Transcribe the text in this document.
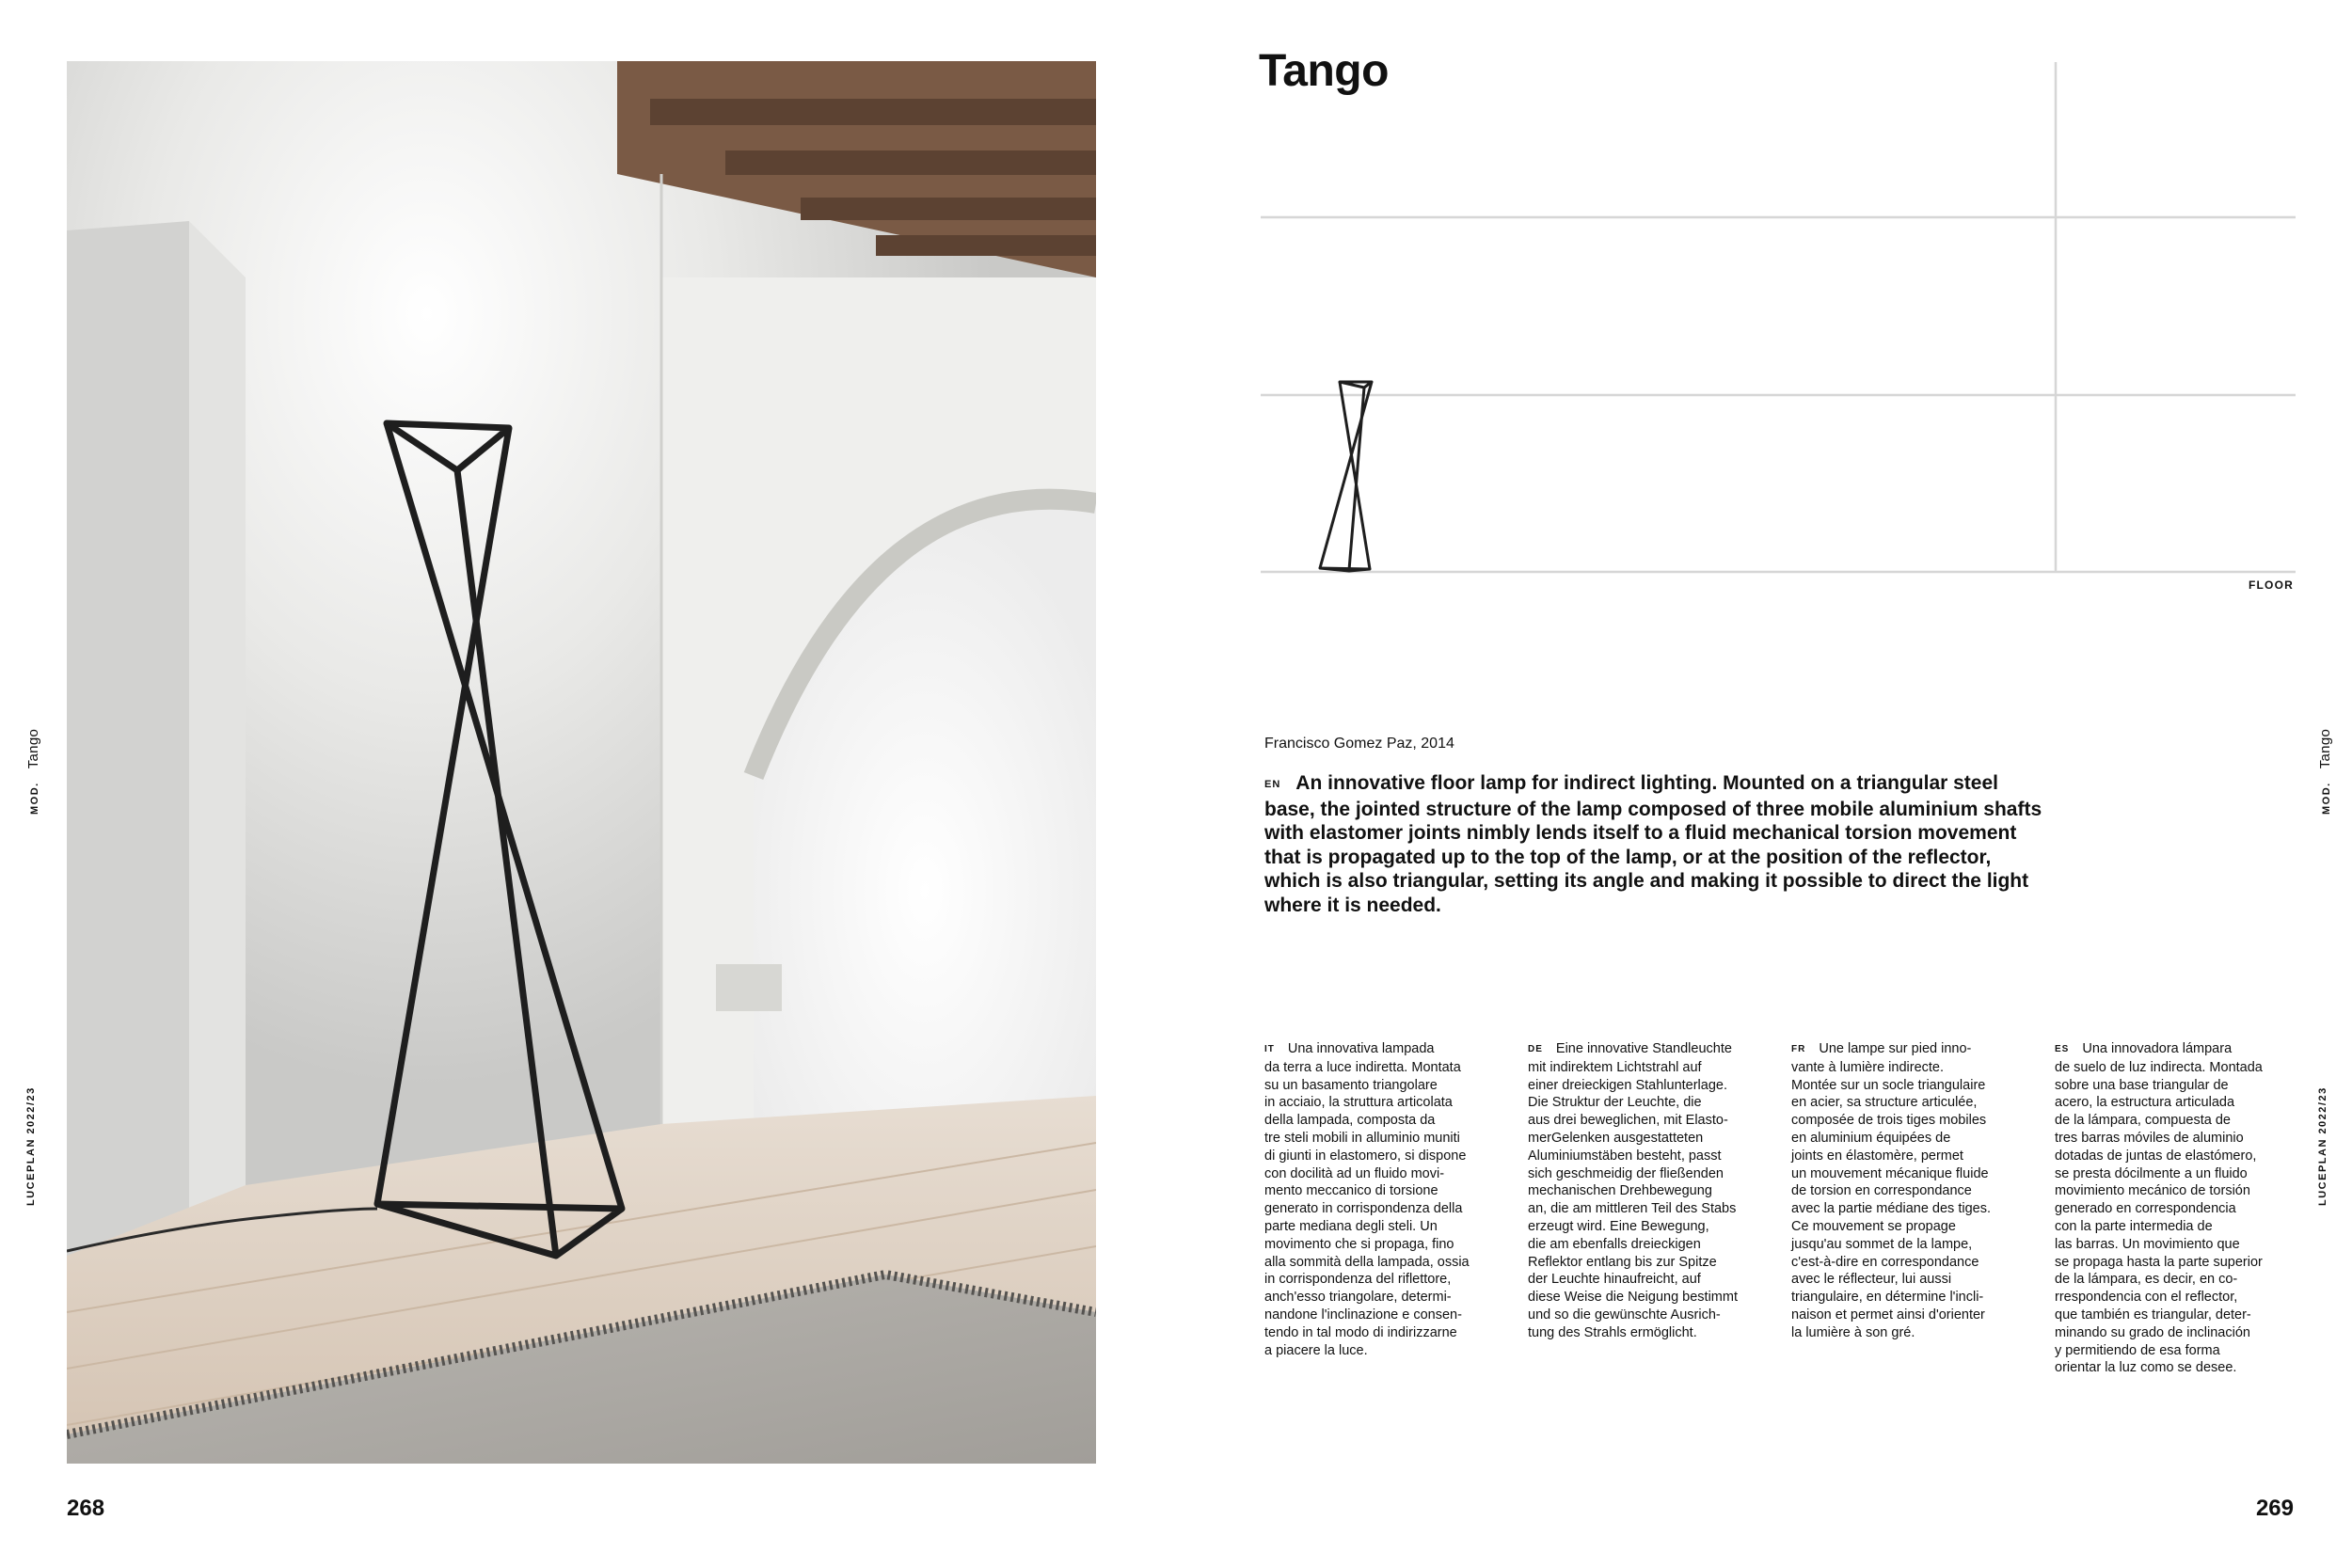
268
MOD.Tango
LUCEPLAN 2022/23
Tango
FLOOR
Francisco Gomez Paz, 2014

EN An innovative floor lamp for indirect lighting. Mounted on a triangular steel base, the jointed structure of the lamp composed of three mobile aluminium shafts with elastomer joints nimbly lends itself to a fluid mechanical torsion movement that is propagated up to the top of the lamp, or at the position of the reflector, which is also triangular, setting its angle and making it possible to direct the light where it is needed.

IT Una innovativa lampada
da terra a luce indiretta. Montata
su un basamento triangolare
in acciaio, la struttura articolata
della lampada, composta da
tre steli mobili in alluminio muniti
di giunti in elastomero, si dispone
con docilità ad un fluido movi-
mento meccanico di torsione
generato in corrispondenza della
parte mediana degli steli. Un
movimento che si propaga, fino
alla sommità della lampada, ossia
in corrispondenza del riflettore,
anch'esso triangolare, determi-
nandone l'inclinazione e consen-
tendo in tal modo di indirizzarne
a piacere la luce.

DE Eine innovative Standleuchte
mit indirektem Lichtstrahl auf
einer dreieckigen Stahlunterlage.
Die Struktur der Leuchte, die
aus drei beweglichen, mit Elasto-
merGelenken ausgestatteten
Aluminiumstäben besteht, passt
sich geschmeidig der fließenden
mechanischen Drehbewegung
an, die am mittleren Teil des Stabs
erzeugt wird. Eine Bewegung,
die am ebenfalls dreieckigen
Reflektor entlang bis zur Spitze
der Leuchte hinaufreicht, auf
diese Weise die Neigung bestimmt
und so die gewünschte Ausrich-
tung des Strahls ermöglicht.

FR Une lampe sur pied inno-
vante à lumière indirecte.
Montée sur un socle triangulaire
en acier, sa structure articulée,
composée de trois tiges mobiles
en aluminium équipées de
joints en élastomère, permet
un mouvement mécanique fluide
de torsion en correspondance
avec la partie médiane des tiges.
Ce mouvement se propage
jusqu'au sommet de la lampe,
c'est-à-dire en correspondance
avec le réflecteur, lui aussi
triangulaire, en détermine l'incli-
naison et permet ainsi d'orienter
la lumière à son gré.

ES Una innovadora lámpara
de suelo de luz indirecta. Montada
sobre una base triangular de
acero, la estructura articulada
de la lámpara, compuesta de
tres barras móviles de aluminio
dotadas de juntas de elastómero,
se presta dócilmente a un fluido
movimiento mecánico de torsión
generado en correspondencia
con la parte intermedia de
las barras. Un movimiento que
se propaga hasta la parte superior
de la lámpara, es decir, en co-
rrespondencia con el reflector,
que también es triangular, deter-
minando su grado de inclinación
y permitiendo de esa forma
orientar la luz como se desee.

269
MOD.Tango
LUCEPLAN 2022/23
